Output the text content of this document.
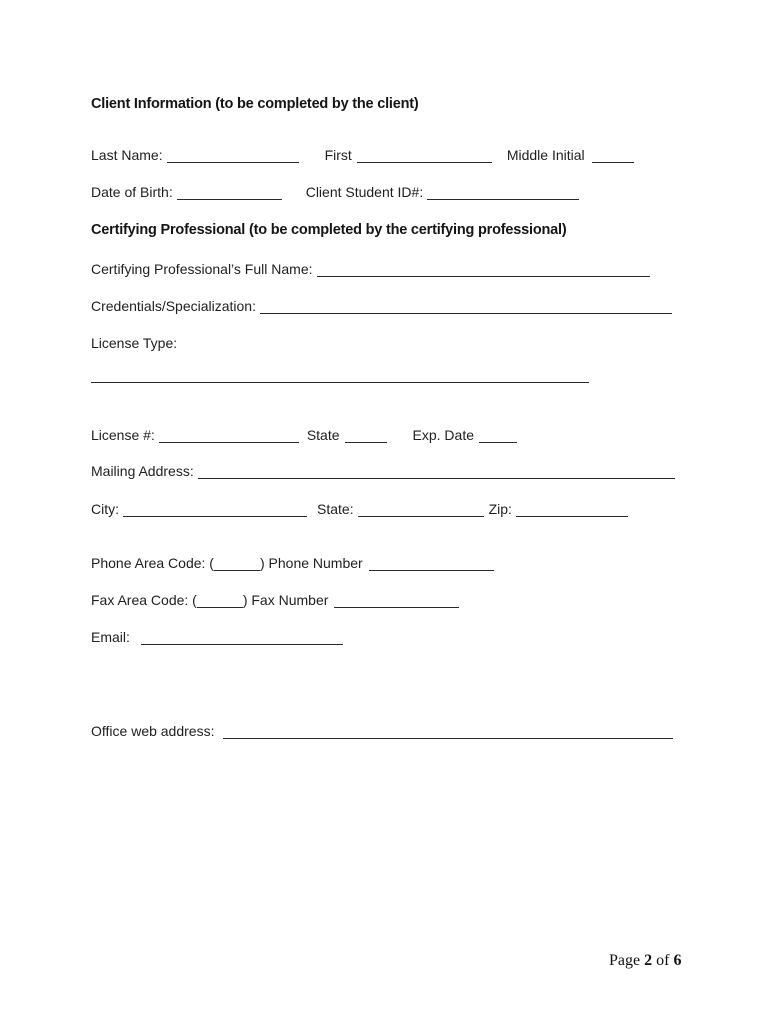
Client Information (to be completed by the client)
Last Name:	First	Middle Initial
Date of Birth:	Client Student ID#:
Certifying Professional (to be completed by the certifying professional)
Certifying Professional’s Full Name:
Credentials/Specialization:
License Type:
License #:	State	Exp. Date
Mailing Address:
City:	State:	Zip:
Phone Area Code: (	) Phone Number
Fax Area Code: (	) Fax Number
Email:
Office web address:
Page 2 of 6
